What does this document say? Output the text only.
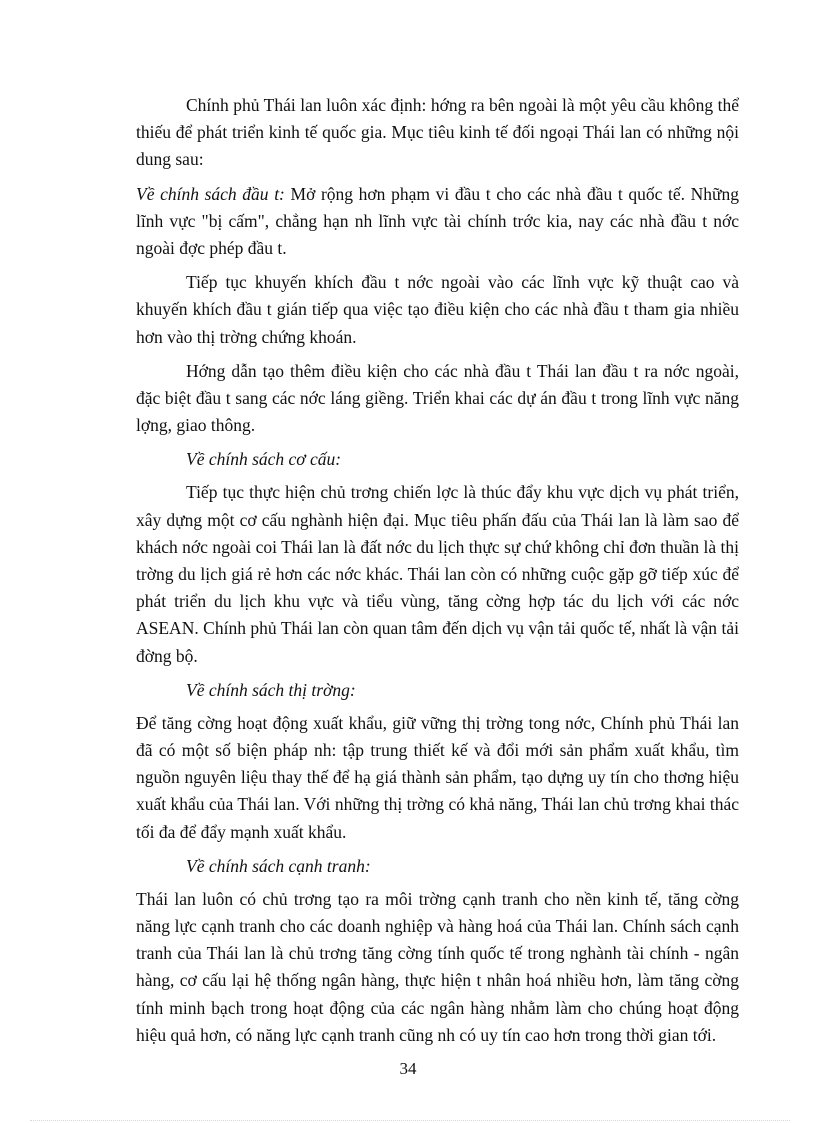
Chính phủ Thái lan luôn xác định: hớng ra bên ngoài là một yêu cầu không thể thiếu để phát triển kinh tế quốc gia. Mục tiêu kinh tế đối ngoại Thái lan có những nội dung sau:

Về chính sách đầu t: Mở rộng hơn phạm vi đầu t cho các nhà đầu t quốc tế. Những lĩnh vực "bị cấm", chẳng hạn nh lĩnh vực tài chính trớc kia, nay các nhà đầu t nớc ngoài đợc phép đầu t.

Tiếp tục khuyến khích đầu t nớc ngoài vào các lĩnh vực kỹ thuật cao và khuyến khích đầu t gián tiếp qua việc tạo điều kiện cho các nhà đầu t tham gia nhiều hơn vào thị trờng chứng khoán.

Hớng dẫn tạo thêm điều kiện cho các nhà đầu t Thái lan đầu t ra nớc ngoài, đặc biệt đầu t sang các nớc láng giềng. Triển khai các dự án đầu t trong lĩnh vực năng lợng, giao thông.

Về chính sách cơ cấu:

Tiếp tục thực hiện chủ trơng chiến lợc là thúc đẩy khu vực dịch vụ phát triển, xây dựng một cơ cấu nghành hiện đại. Mục tiêu phấn đấu của Thái lan là làm sao để khách nớc ngoài coi Thái lan là đất nớc du lịch thực sự chứ không chỉ đơn thuần là thị trờng du lịch giá rẻ hơn các nớc khác. Thái lan còn có những cuộc gặp gỡ tiếp xúc để phát triển du lịch khu vực và tiểu vùng, tăng cờng hợp tác du lịch với các nớc ASEAN. Chính phủ Thái lan còn quan tâm đến dịch vụ vận tải quốc tế, nhất là vận tải đờng bộ.

Về chính sách thị trờng:

Để tăng cờng hoạt động xuất khẩu, giữ vững thị trờng tong nớc, Chính phủ Thái lan đã có một số biện pháp nh: tập trung thiết kế và đổi mới sản phẩm xuất khẩu, tìm nguồn nguyên liệu thay thế để hạ giá thành sản phẩm, tạo dựng uy tín cho thơng hiệu xuất khẩu của Thái lan. Với những thị trờng có khả năng, Thái lan chủ trơng khai thác tối đa để đẩy mạnh xuất khẩu.

Về chính sách cạnh tranh:

Thái lan luôn có chủ trơng tạo ra môi trờng cạnh tranh cho nền kinh tế, tăng cờng năng lực cạnh tranh cho các doanh nghiệp và hàng hoá của Thái lan. Chính sách cạnh tranh của Thái lan là chủ trơng tăng cờng tính quốc tế trong nghành tài chính - ngân hàng, cơ cấu lại hệ thống ngân hàng, thực hiện t nhân hoá nhiều hơn, làm tăng cờng tính minh bạch trong hoạt động của các ngân hàng nhằm làm cho chúng hoạt động hiệu quả hơn, có năng lực cạnh tranh cũng nh có uy tín cao hơn trong thời gian tới.

34
